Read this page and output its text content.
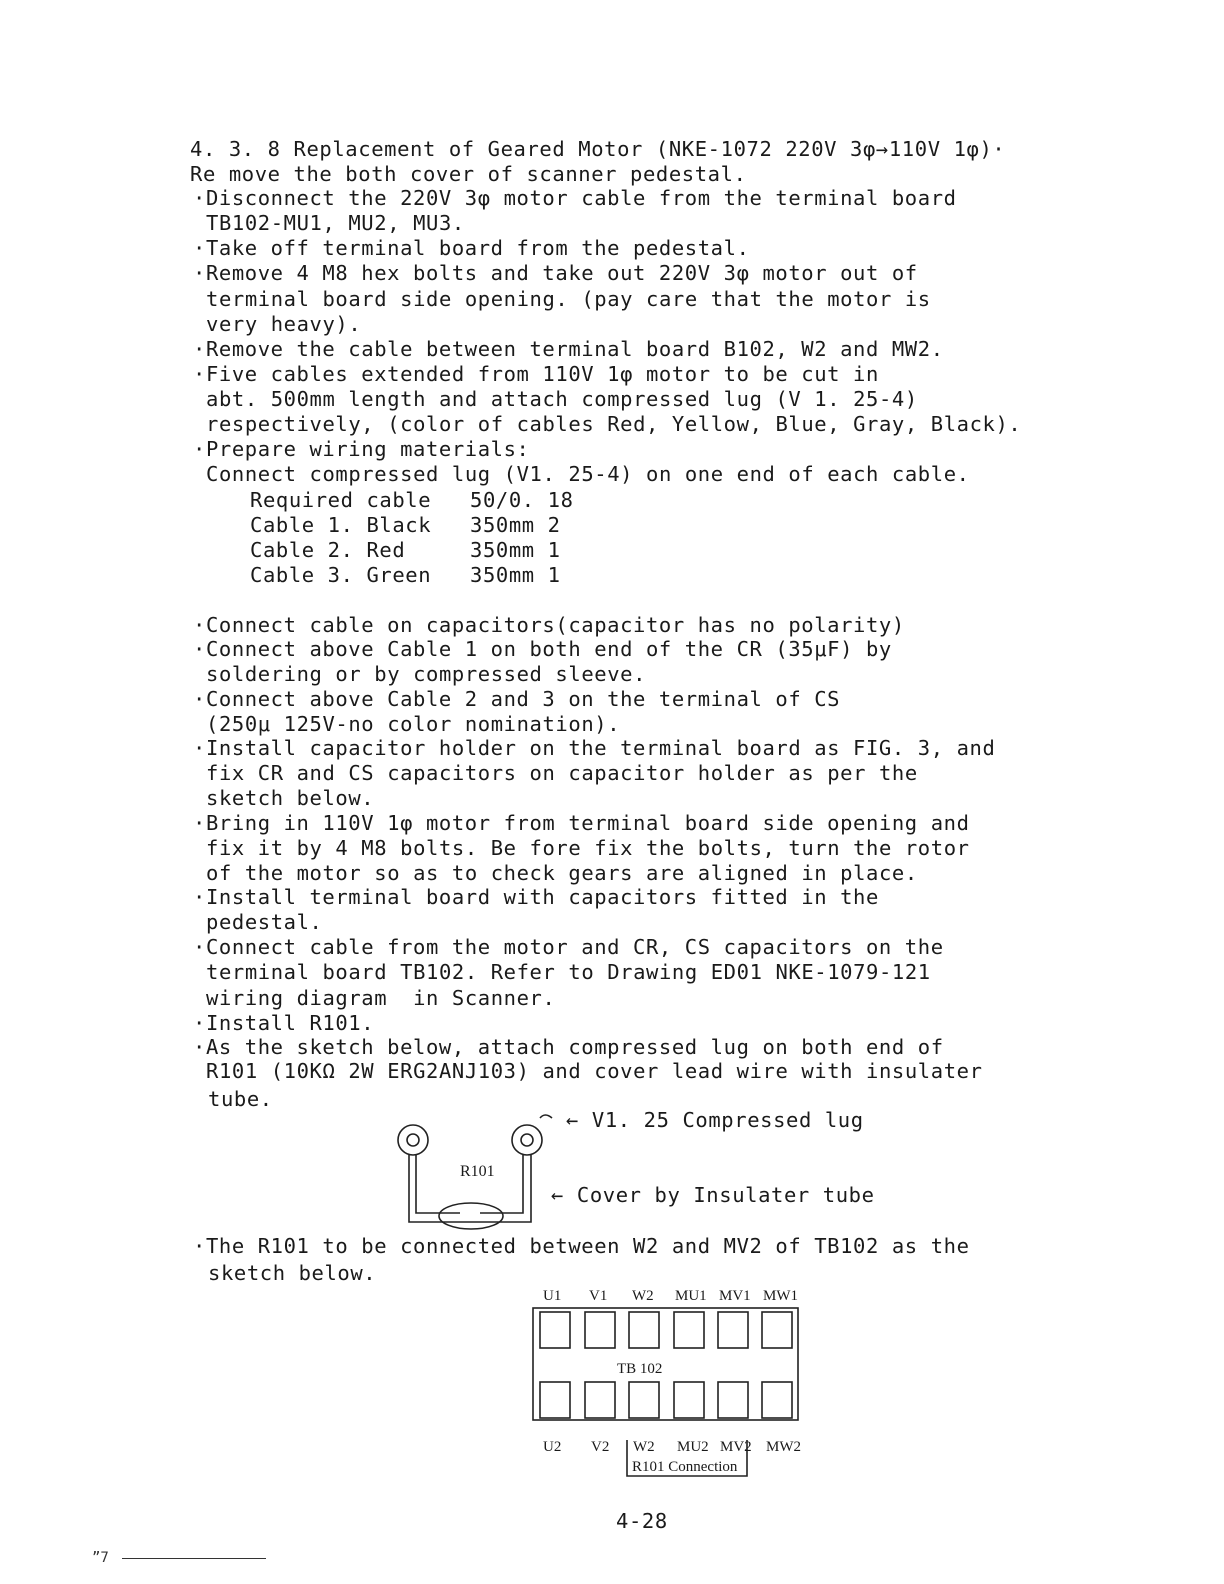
4. 3. 8 Replacement of Geared Motor (NKE-1072 220V 3φ→110V 1φ)·
Re move the both cover of scanner pedestal.
·Disconnect the 220V 3φ motor cable from the terminal board
TB102-MU1, MU2, MU3.
·Take off terminal board from the pedestal.
·Remove 4 M8 hex bolts and take out 220V 3φ motor out of
terminal board side opening. (pay care that the motor is
very heavy).
·Remove the cable between terminal board B102, W2 and MW2.
·Five cables extended from 110V 1φ motor to be cut in
abt. 500mm length and attach compressed lug (V 1. 25-4)
respectively, (color of cables Red, Yellow, Blue, Gray, Black).
·Prepare wiring materials:
Connect compressed lug (V1. 25-4) on one end of each cable.
Required cable   50/0. 18
Cable 1. Black   350mm 2
Cable 2. Red     350mm 1
Cable 3. Green   350mm 1
·Connect cable on capacitors(capacitor has no polarity)
·Connect above Cable 1 on both end of the CR (35μF) by
soldering or by compressed sleeve.
·Connect above Cable 2 and 3 on the terminal of CS
(250μ 125V-no color nomination).
·Install capacitor holder on the terminal board as FIG. 3, and
fix CR and CS capacitors on capacitor holder as per the
sketch below.
·Bring in 110V 1φ motor from terminal board side opening and
fix it by 4 M8 bolts. Be fore fix the bolts, turn the rotor
of the motor so as to check gears are aligned in place.
·Install terminal board with capacitors fitted in the
pedestal.
·Connect cable from the motor and CR, CS capacitors on the
terminal board TB102. Refer to Drawing ED01 NKE-1079-121
wiring diagram  in Scanner.
·Install R101.
·As the sketch below, attach compressed lug on both end of
R101 (10KΩ 2W ERG2ANJ103) and cover lead wire with insulater
tube.
·The R101 to be connected between W2 and MV2 of TB102 as the
sketch below.
R101
← V1. 25 Compressed lug
← Cover by Insulater tube
U1 V1 W2 MU1 MV1 MW1
TB 102
U2 V2 W2 MU2 MV2 MW2
R101 Connection
4-28
”7
